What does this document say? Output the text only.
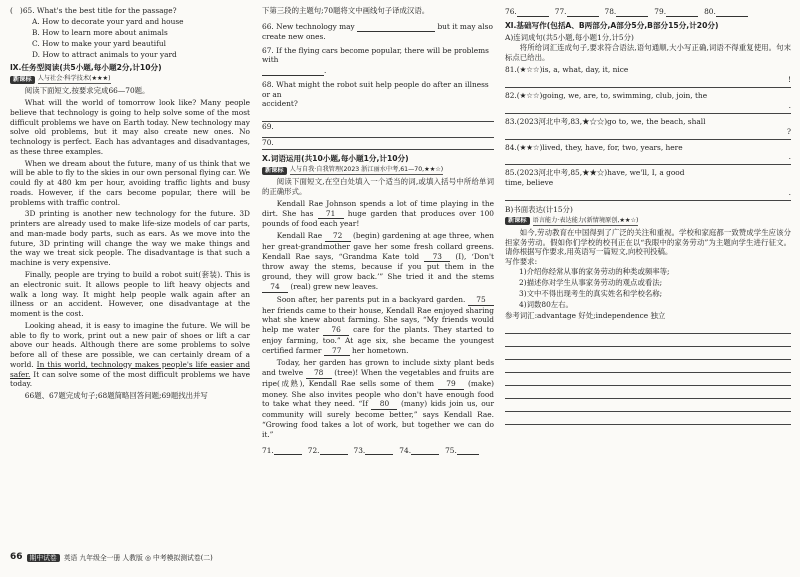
(   )65. What's the best title for the passage?

A. How to decorate your yard and house

B. How to learn more about animals

C. How to make your yard beautiful

D. How to attract animals to your yard

Ⅸ.任务型阅读(共5小题,每小题2分,计10分)

新课标 人与社会·科学技术(★★★)

阅读下面短文,按要求完成66—70题。

What will the world of tomorrow look like? Many people believe that technology is going to help solve some of the most difficult problems we have on Earth today. New technology may solve old problems, but it may also create new ones. No technology is perfect. Each has advantages and disadvantages, as these three examples.

When we dream about the future, many of us think that we will be able to fly to the skies in our own personal flying car. We could fly at 480 km per hour, avoiding traffic lights and busy roads. However, if the cars become popular, there will be problems with traffic control.

3D printing is another new technology for the future. 3D printers are already used to make life-size models of car parts, and man-made body parts, such as ears. As we move into the future, 3D printing will change the way we make things and the way we treat sick people. The disadvantage is that such a machine is very expensive.

Finally, people are trying to build a robot suit(套装). This is an electronic suit. It allows people to lift heavy objects and walk a long way. It might help people walk again after an illness or an accident. However, one disadvantage at the moment is the cost.

Looking ahead, it is easy to imagine the future. We will be able to fly to work, print out a new pair of shoes or lift a car above our heads. Although there are some problems to solve before all of these are possible, we can certainly dream of a world. In this world, technology makes people's life easier and safer. It can solve some of the most difficult problems we have today.

66题、67题完成句子;68题简略回答问题;69题找出并写

66	期中试卷	英语 九年级全一册 人教版 ◎ 中考模拟测试卷(二)

下第三段的主题句;70题将文中画线句子译成汉语。

66. New technology may	but it may also

create new ones.

67. If the flying cars become popular, there will be problems with

.

68. What might the robot suit help people do after an illness or an

accident?

69.
70.

Ⅹ.词语运用(共10小题,每小题1分,计10分)

新课标 人与自我·自我管理(2023 浙江丽水中考,61—70,★★☆)

阅读下面短文,在空白处填入一个适当的词,或填入括号中所给单词的正确形式。

Kendall Rae Johnson spends a lot of time playing in the dirt. She has 71 huge garden that produces over 100 pounds of food each year!

Kendall Rae 72 (begin) gardening at age three, when her great-grandmother gave her some fresh collard greens. Kendall Rae says, “Grandma Kate told 73 (I), ‘Don't throw away the stems, because if you put them in the ground, they will grow back.’” She tried it and the stems 74 (real) grew new leaves.

Soon after, her parents put in a backyard garden. 75 her friends came to their house, Kendall Rae enjoyed sharing what she knew about farming. She says, “My friends would help me water 76 care for the plants. They started to enjoy farming, too.” At age six, she became the youngest certified farmer 77 her hometown.

Today, her garden has grown to include sixty plant beds and twelve 78 (tree)! When the vegetables and fruits are ripe(成熟), Kendall Rae sells some of them 79 (make) money. She also invites people who don't have enough food to take what they need. “If 80 (many) kids join us, our community will surely become better,” says Kendall Rae. “Growing food takes a lot of work, but together we can do it.”

71.	72.	73.	74.	75.
76.	77.	78.	79.	80.

Ⅺ.基础写作(包括A、B两部分,A部分5分,B部分15分,计20分)

A)连词成句(共5小题,每小题1分,计5分)

将所给词汇连成句子,要求符合语法,语句通顺,大小写正确,词语不得重复使用。句末标点已给出。

81.(★☆☆)is, a, what, day, it, nice

!

82.(★☆☆)going, we, are, to, swimming, club, join, the

.

83.(2023河北中考,83,★☆☆)go to, we, the beach, shall

?

84.(★★☆)lived, they, have, for, two, years, here

.

85.(2023河北中考,85,★★☆)have, we'll, I, a good

time, believe

.

B)书面表达(计15分)

新课标 语言能力·表达能力(新情境原创,★★☆)

如今,劳动教育在中国得到了广泛的关注和重视。学校和家庭都一致赞成学生应该分担家务劳动。假如你们学校的校刊正在以“我眼中的家务劳动”为主题向学生进行征文。请你根据写作要求,用英语写一篇短文,向校刊投稿。

写作要求:

1)介绍你经常从事的家务劳动的种类或频率等;

2)描述你对学生从事家务劳动的观点或看法;

3)文中不得出现考生的真实姓名和学校名称;

4)词数80左右。

参考词汇:advantage 好处;independence 独立
